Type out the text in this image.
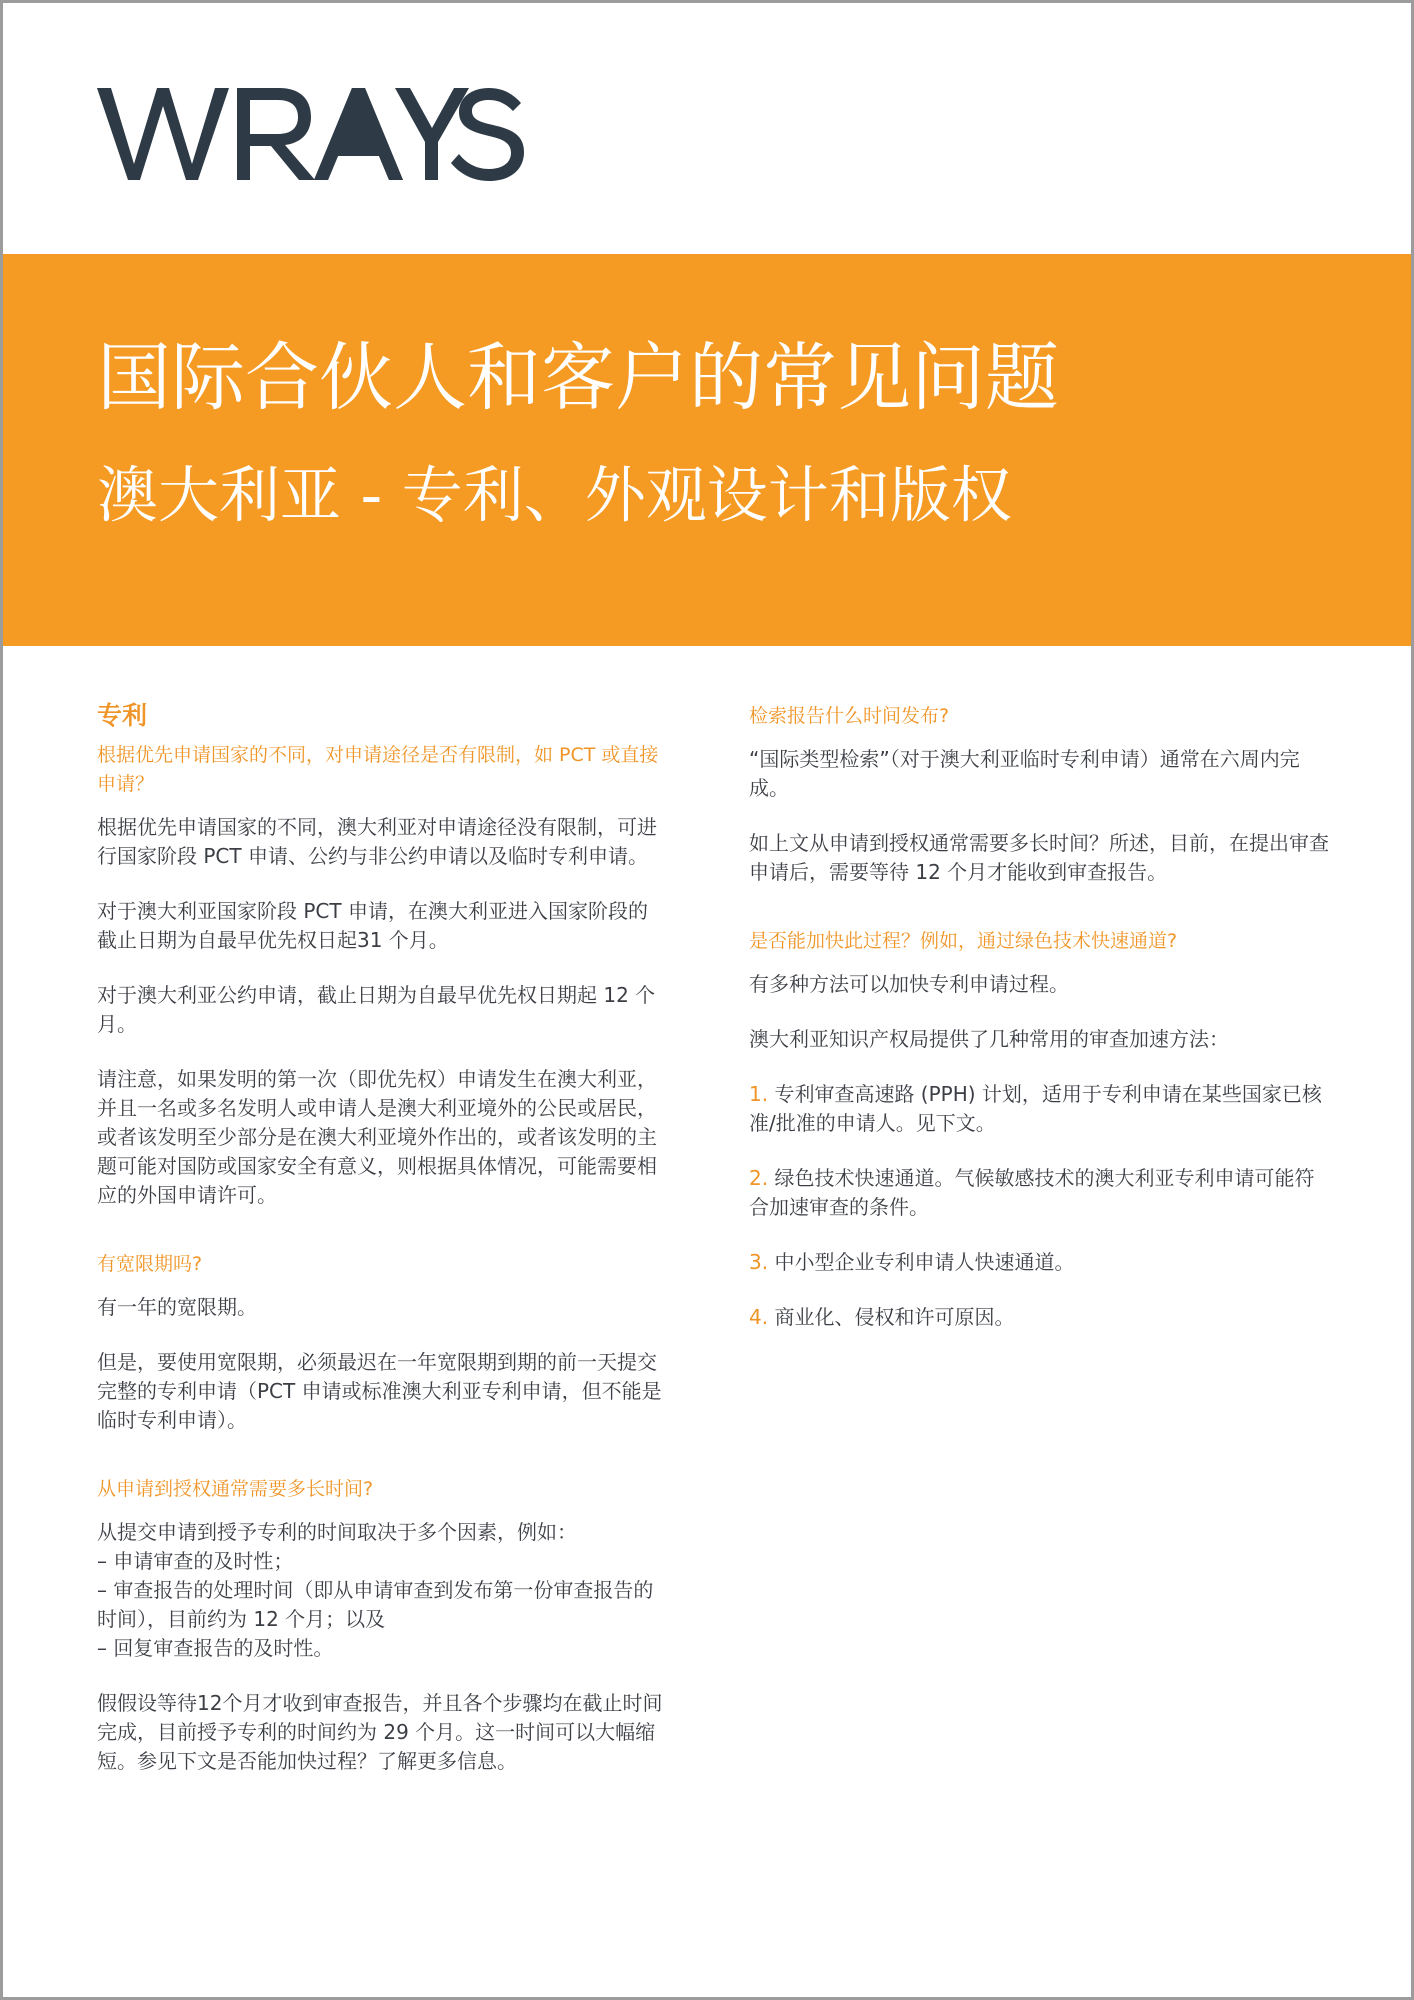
国际合伙人和客户的常见问题
澳大利亚 - 专利、外观设计和版权
专利
根据优先申请国家的不同，对申请途径是否有限制，如 PCT 或直接申请？

根据优先申请国家的不同，澳大利亚对申请途径没有限制，可进行国家阶段 PCT 申请、公约与非公约申请以及临时专利申请。

对于澳大利亚国家阶段 PCT 申请，在澳大利亚进入国家阶段的截止日期为自最早优先权日起31 个月。

对于澳大利亚公约申请，截止日期为自最早优先权日期起 12 个月。

请注意，如果发明的第一次（即优先权）申请发生在澳大利亚，并且一名或多名发明人或申请人是澳大利亚境外的公民或居民，或者该发明至少部分是在澳大利亚境外作出的，或者该发明的主题可能对国防或国家安全有意义，则根据具体情况，可能需要相应的外国申请许可。

有宽限期吗?

有一年的宽限期。

但是，要使用宽限期，必须最迟在一年宽限期到期的前一天提交完整的专利申请（PCT 申请或标准澳大利亚专利申请，但不能是临时专利申请）。

从申请到授权通常需要多长时间?

从提交申请到授予专利的时间取决于多个因素，例如：
– 申请审查的及时性；
– 审查报告的处理时间（即从申请审查到发布第一份审查报告的时间），目前约为 12 个月；以及
– 回复审查报告的及时性。

假假设等待12个月才收到审查报告，并且各个步骤均在截止时间完成，目前授予专利的时间约为 29 个月。这一时间可以大幅缩短。参见下文是否能加快过程？了解更多信息。

检索报告什么时间发布?

“国际类型检索”（对于澳大利亚临时专利申请）通常在六周内完成。

如上文从申请到授权通常需要多长时间？所述，目前，在提出审查申请后，需要等待 12 个月才能收到审查报告。

是否能加快此过程？例如，通过绿色技术快速通道?

有多种方法可以加快专利申请过程。

澳大利亚知识产权局提供了几种常用的审查加速方法：

1. 专利审查高速路 (PPH) 计划，适用于专利申请在某些国家已核准/批准的申请人。见下文。

2. 绿色技术快速通道。气候敏感技术的澳大利亚专利申请可能符合加速审查的条件。

3. 中小型企业专利申请人快速通道。

4. 商业化、侵权和许可原因。
